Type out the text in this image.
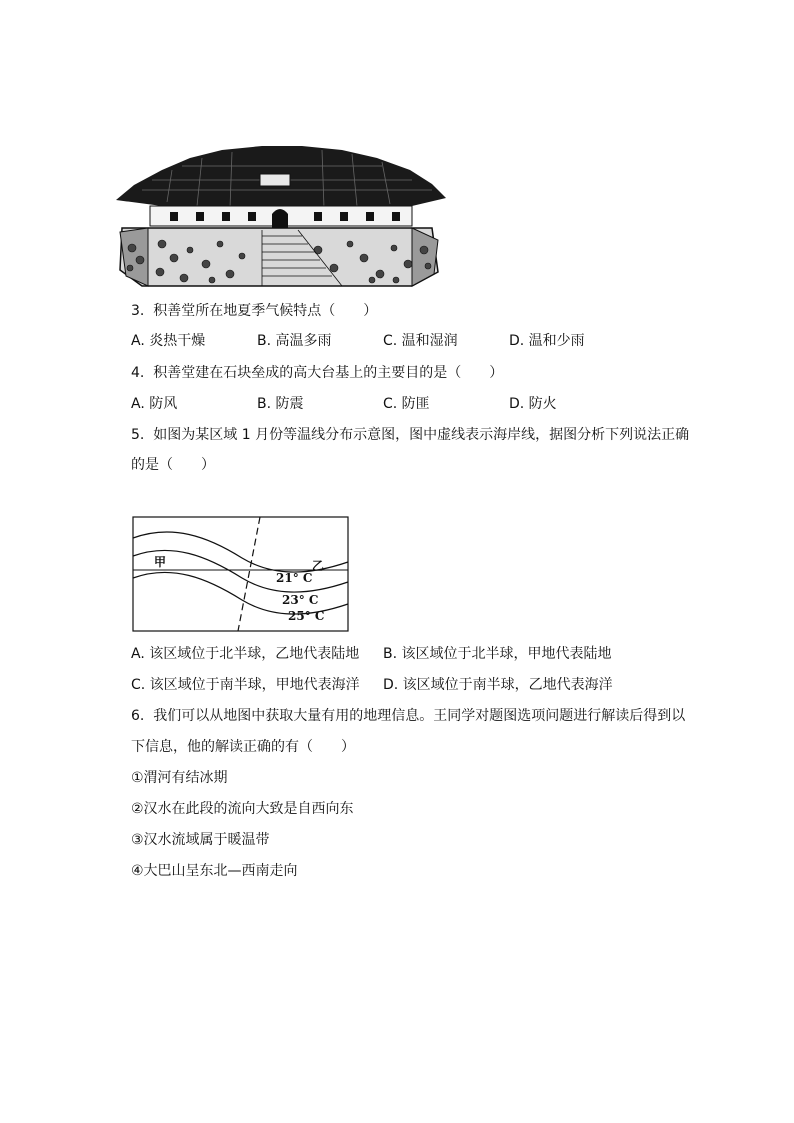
3. 积善堂所在地夏季气候特点（　　）
A. 炎热干燥	B. 高温多雨	C. 温和湿润	D. 温和少雨
4. 积善堂建在石块垒成的高大台基上的主要目的是（　　）
A. 防风	B. 防震	C. 防匪	D. 防火
5. 如图为某区域 1 月份等温线分布示意图，图中虚线表示海岸线，据图分析下列说法正确
的是（　　）
甲	乙
21° C
23° C
25° C
A. 该区域位于北半球，乙地代表陆地 B. 该区域位于北半球，甲地代表陆地
C. 该区域位于南半球，甲地代表海洋 D. 该区域位于南半球，乙地代表海洋
6. 我们可以从地图中获取大量有用的地理信息。王同学对题图选项问题进行解读后得到以
下信息，他的解读正确的有（　　）
①渭河有结冰期
②汉水在此段的流向大致是自西向东
③汉水流域属于暖温带
④大巴山呈东北—西南走向
